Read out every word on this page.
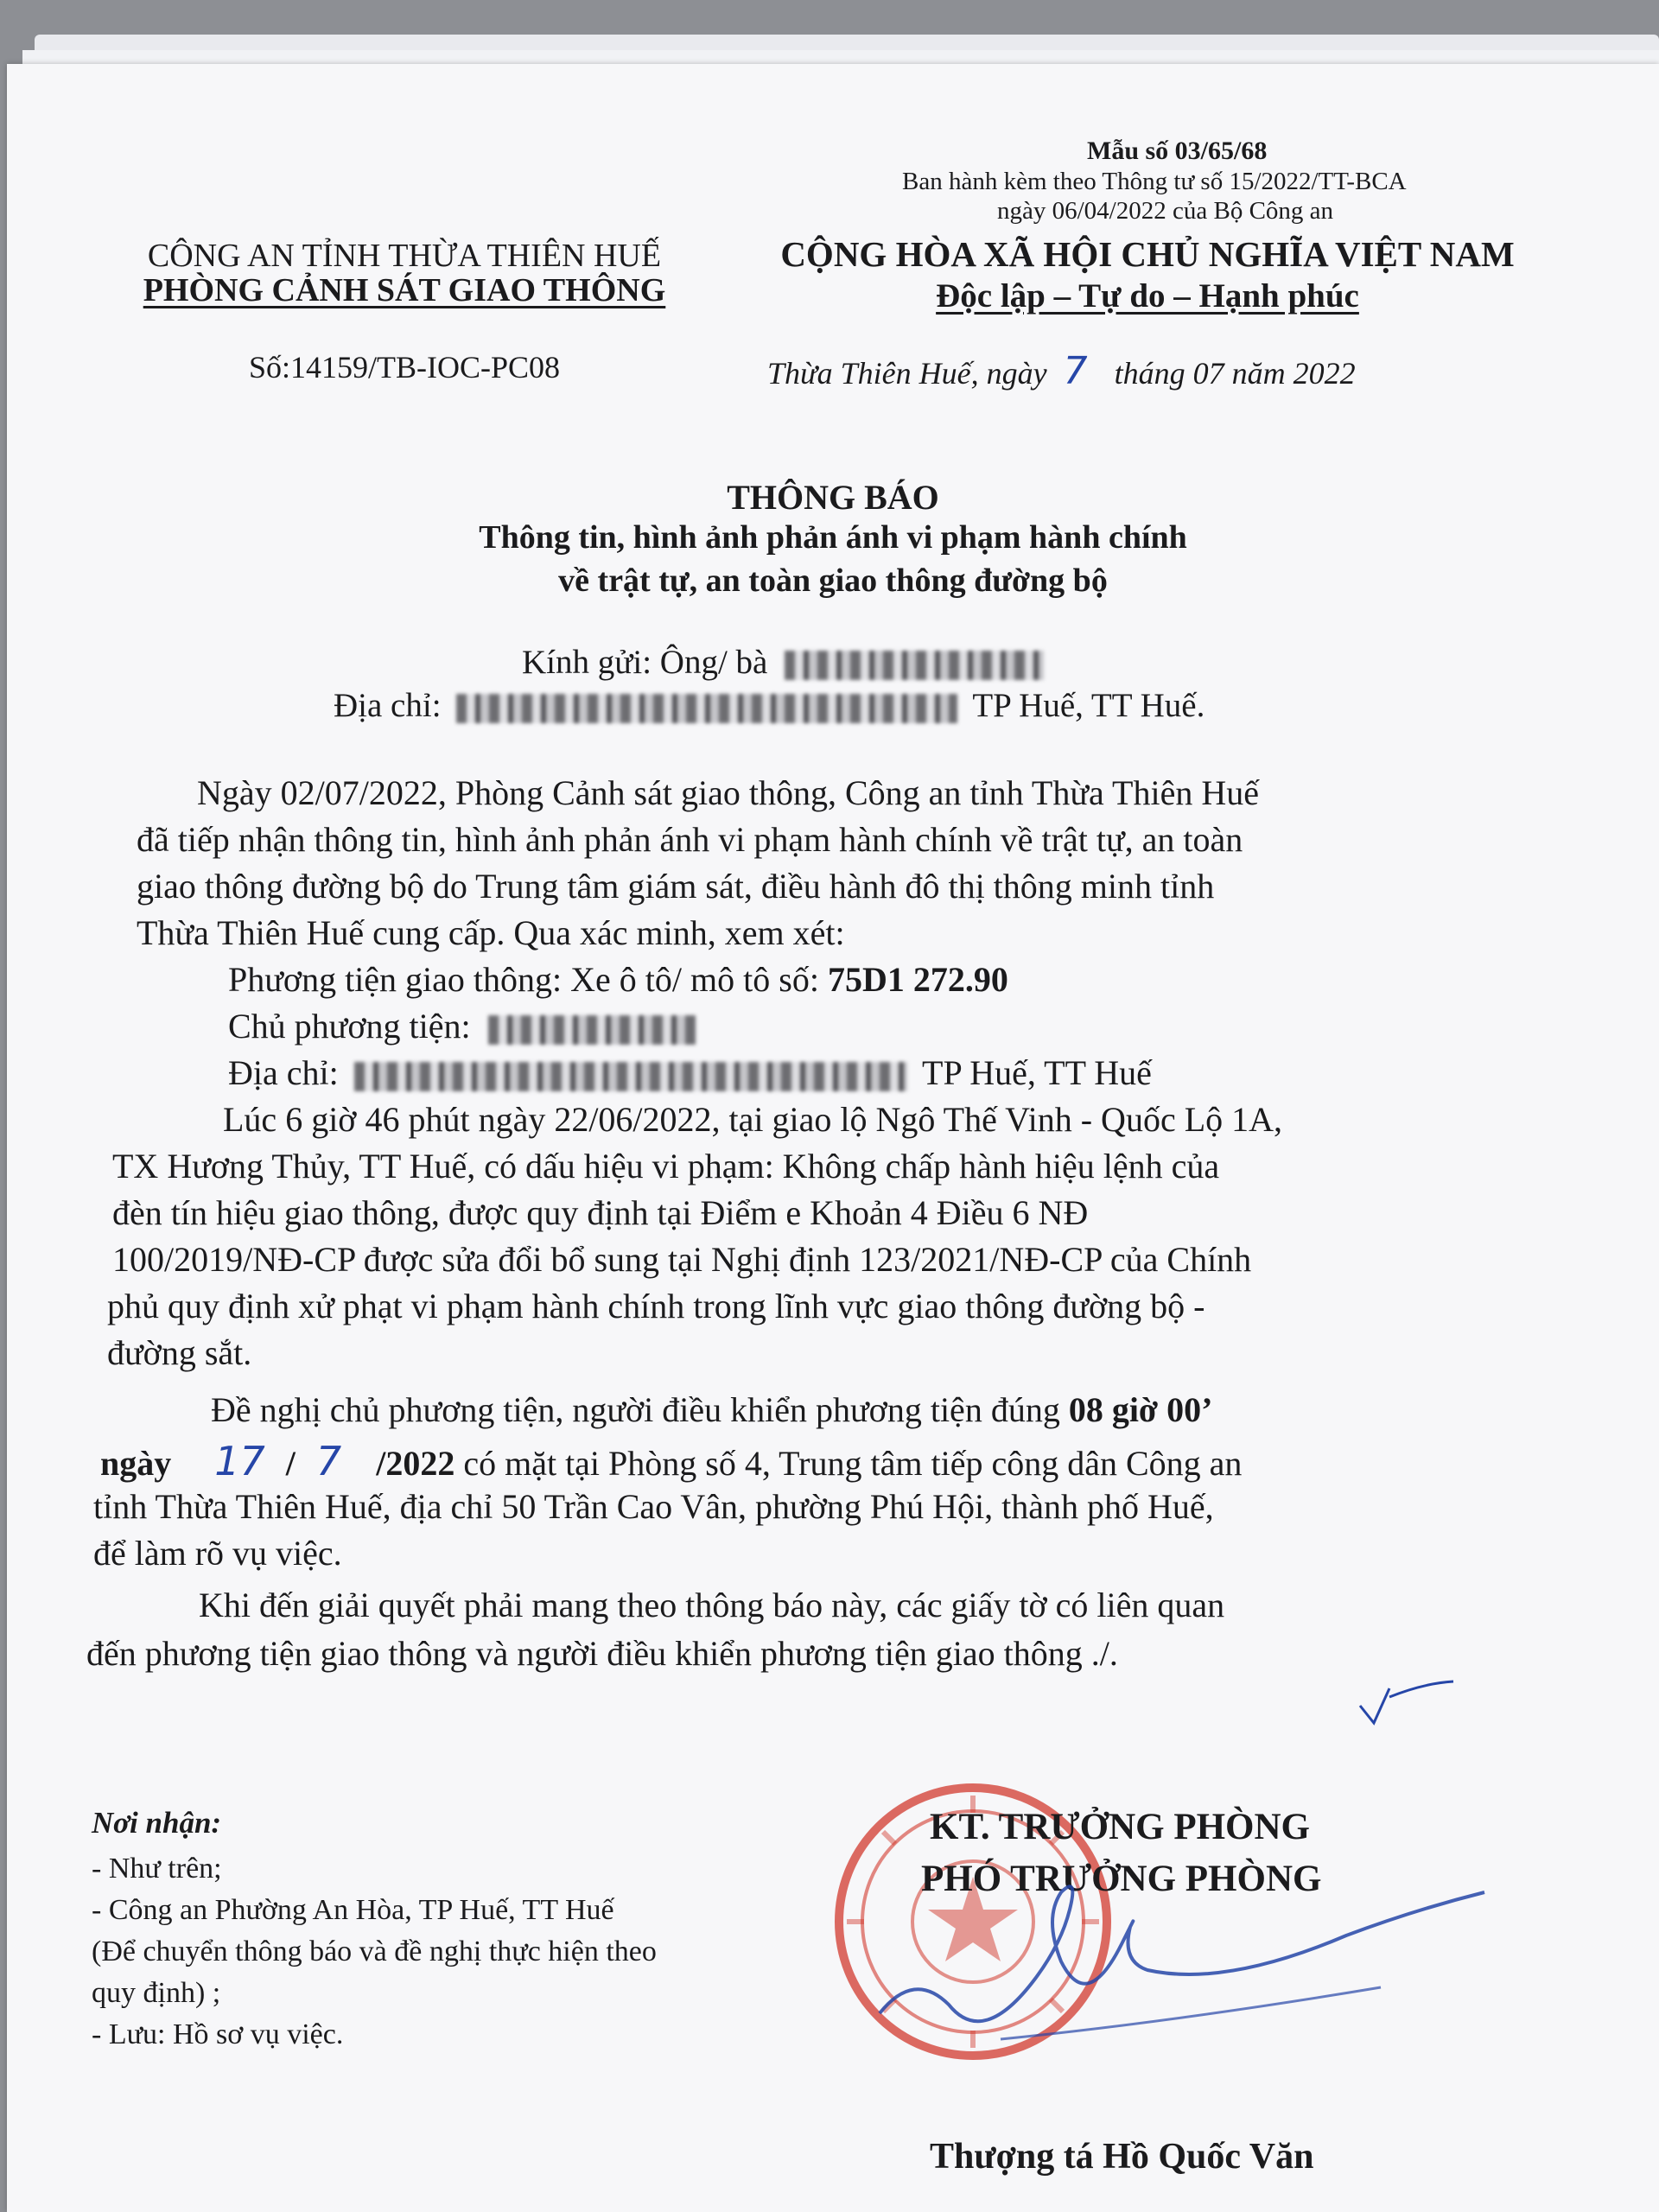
Mẫu số 03/65/68
Ban hành kèm theo Thông tư số 15/2022/TT-BCA
ngày 06/04/2022 của Bộ Công an
CÔNG AN TỈNH THỪA THIÊN HUẾ
PHÒNG CẢNH SÁT GIAO THÔNG
Số:14159/TB-IOC-PC08
CỘNG HÒA XÃ HỘI CHỦ NGHĨA VIỆT NAM
Độc lập – Tự do – Hạnh phúc
Thừa Thiên Huế, ngày 7 tháng 07 năm 2022
THÔNG BÁO
Thông tin, hình ảnh phản ánh vi phạm hành chính
về trật tự, an toàn giao thông đường bộ
Kính gửi: Ông/ bà
Địa chỉ:	TP Huế, TT Huế.
Ngày 02/07/2022, Phòng Cảnh sát giao thông, Công an tỉnh Thừa Thiên Huế
đã tiếp nhận thông tin, hình ảnh phản ánh vi phạm hành chính về trật tự, an toàn
giao thông đường bộ do Trung tâm giám sát, điều hành đô thị thông minh tỉnh
Thừa Thiên Huế cung cấp. Qua xác minh, xem xét:
Phương tiện giao thông: Xe ô tô/ mô tô số: 75D1 272.90
Chủ phương tiện:
Địa chỉ:	TP Huế, TT Huế
Lúc 6 giờ 46 phút ngày 22/06/2022, tại giao lộ Ngô Thế Vinh - Quốc Lộ 1A,
TX Hương Thủy, TT Huế, có dấu hiệu vi phạm: Không chấp hành hiệu lệnh của
đèn tín hiệu giao thông, được quy định tại Điểm e Khoản 4 Điều 6 NĐ
100/2019/NĐ-CP được sửa đổi bổ sung tại Nghị định 123/2021/NĐ-CP của Chính
phủ quy định xử phạt vi phạm hành chính trong lĩnh vực giao thông đường bộ -
đường sắt.
Đề nghị chủ phương tiện, người điều khiển phương tiện đúng 08 giờ 00’
ngày 17 / 7 /2022 có mặt tại Phòng số 4, Trung tâm tiếp công dân Công an
tỉnh Thừa Thiên Huế, địa chỉ 50 Trần Cao Vân, phường Phú Hội, thành phố Huế,
để làm rõ vụ việc.
Khi đến giải quyết phải mang theo thông báo này, các giấy tờ có liên quan
đến phương tiện giao thông và người điều khiển phương tiện giao thông ./.
Nơi nhận:
- Như trên;
- Công an Phường An Hòa, TP Huế, TT Huế
(Để chuyển thông báo và đề nghị thực hiện theo
quy định) ;
- Lưu: Hồ sơ vụ việc.
KT. TRƯỞNG PHÒNG
PHÓ TRƯỞNG PHÒNG
Thượng tá Hồ Quốc Văn
